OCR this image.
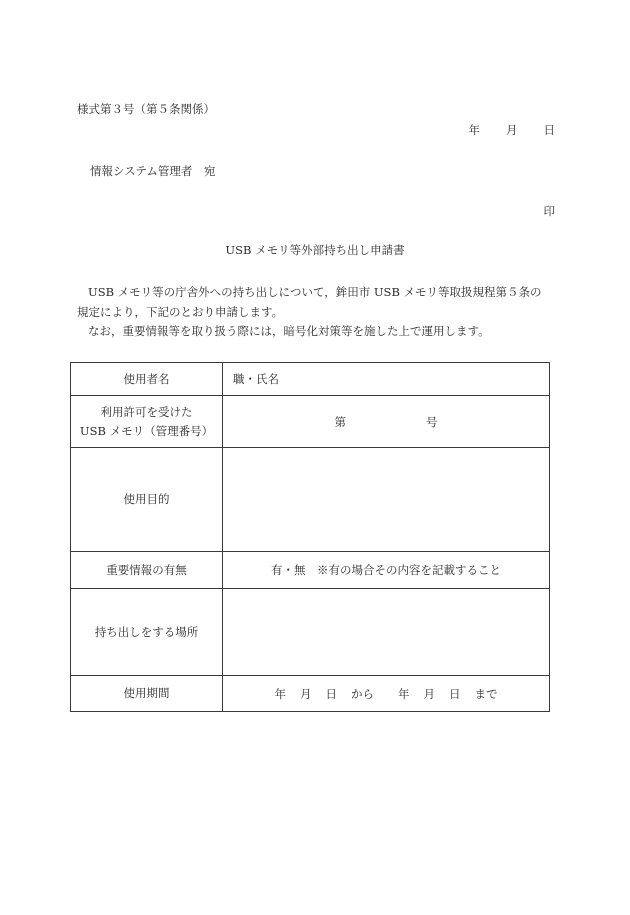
様式第３号（第５条関係）
年 月 日
情報システム管理者　宛
印
USB メモリ等外部持ち出し申請書

USB メモリ等の庁舎外への持ち出しについて，鉾田市 USB メモリ等取扱規程第５条の規定により，下記のとおり申請します。

なお，重要情報等を取り扱う際には，暗号化対策等を施した上で運用します。

使用者名	職・氏名

利用許可を受けた
USB メモリ（管理番号）	第 号
使用目的	
重要情報の有無	有・無　※有の場合その内容を記載すること
持ち出しをする場所	
使用期間	年 月 日 から 年 月 日 まで
